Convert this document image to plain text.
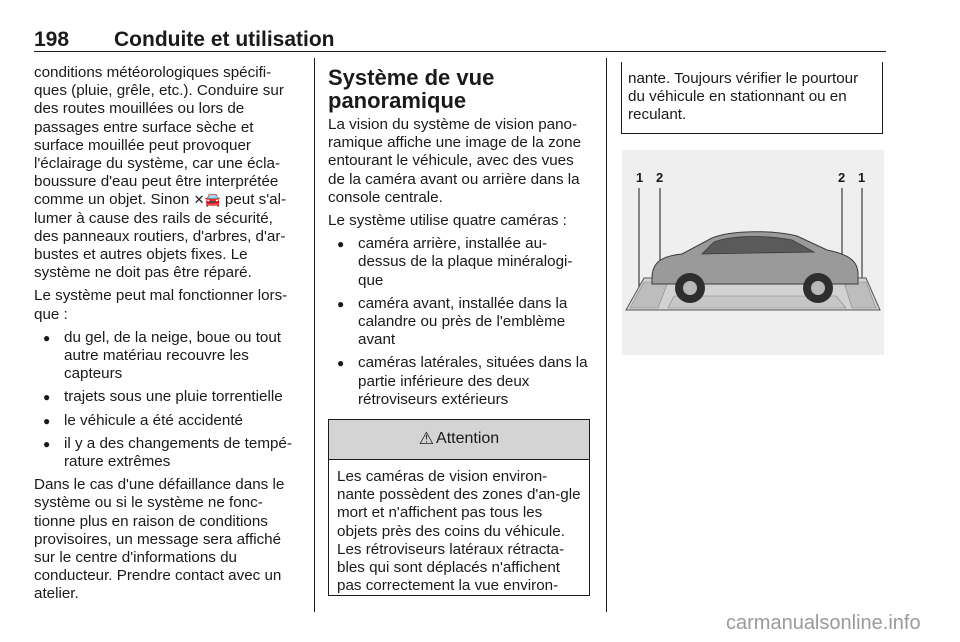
198 Conduite et utilisation

conditions météorologiques spécifi-ques (pluie, grêle, etc.). Conduire sur des routes mouillées ou lors de passages entre surface sèche et surface mouillée peut provoquer l'éclairage du système, car une écla-boussure d'eau peut être interprétée comme un objet. Sinon ✕🚘 peut s'al-lumer à cause des rails de sécurité, des panneaux routiers, d'arbres, d'ar-bustes et autres objets fixes. Le système ne doit pas être réparé.

Le système peut mal fonctionner lors-que :

● du gel, de la neige, boue ou tout autre matériau recouvre les capteurs
● trajets sous une pluie torrentielle
● le véhicule a été accidenté
● il y a des changements de tempé-rature extrêmes

Dans le cas d'une défaillance dans le système ou si le système ne fonc-tionne plus en raison de conditions provisoires, un message sera affiché sur le centre d'informations du conducteur. Prendre contact avec un atelier.

Système de vue panoramique

La vision du système de vision pano-ramique affiche une image de la zone entourant le véhicule, avec des vues de la caméra avant ou arrière dans la console centrale.

Le système utilise quatre caméras :

● caméra arrière, installée au-dessus de la plaque minéralogi-que
● caméra avant, installée dans la calandre ou près de l'emblème avant
● caméras latérales, situées dans la partie inférieure des deux rétroviseurs extérieurs
⚠ Attention
Les caméras de vision environ-nante possèdent des zones d'an-gle mort et n'affichent pas tous les objets près des coins du véhicule. Les rétroviseurs latéraux rétracta-bles qui sont déplacés n'affichent pas correctement la vue environ-
nante. Toujours vérifier le pourtour du véhicule en stationnant ou en reculant.
1 2	2 1
carmanualsonline.info
